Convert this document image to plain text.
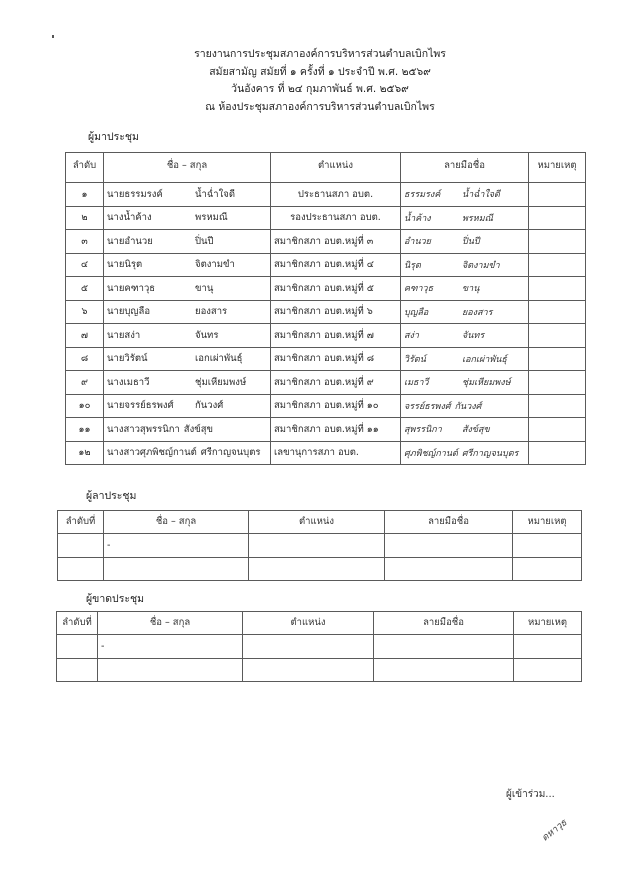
รายงานการประชุมสภาองค์การบริหารส่วนตำบลเบิกไพร
สมัยสามัญ สมัยที่ ๑ ครั้งที่ ๑ ประจำปี พ.ศ. ๒๕๖๙
วันอังคาร ที่ ๒๔ กุมภาพันธ์ พ.ศ. ๒๕๖๙
ณ ห้องประชุมสภาองค์การบริหารส่วนตำบลเบิกไพร
ผู้มาประชุม
ลำดับ	ชื่อ – สกุล	ตำแหน่ง	ลายมือชื่อ	หมายเหตุ
๑	นายธรรมรงค์ น้ำฉ่ำใจดี	ประธานสภา อบต.	ธรรมรงค์ น้ำฉ่ำใจดี	
๒	นางน้ำค้าง พรหมณี	รองประธานสภา อบต.	น้ำค้าง พรหมณี	
๓	นายอำนวย ปิ่นปี	สมาชิกสภา อบต.หมู่ที่ ๓	อำนวย ปิ่นปี	
๔	นายนิรุต จิตงามขำ	สมาชิกสภา อบต.หมู่ที่ ๔	นิรุต จิตงามขำ	
๕	นายคฑาวุธ ขานุ	สมาชิกสภา อบต.หมู่ที่ ๕	คฑาวุธ ขานุ	
๖	นายบุญลือ ยองสาร	สมาชิกสภา อบต.หมู่ที่ ๖	บุญลือ ยองสาร	
๗	นายสง่า จันทร	สมาชิกสภา อบต.หมู่ที่ ๗	สง่า จันทร	
๘	นายวิรัตน์ เอกเผ่าพันธุ์	สมาชิกสภา อบต.หมู่ที่ ๘	วิรัตน์ เอกเผ่าพันธุ์	
๙	นางเมธาวี ชุ่มเหียมพงษ์	สมาชิกสภา อบต.หมู่ที่ ๙	เมธาวี ชุ่มเหียมพงษ์	
๑๐	นายจรรย์ธรพงศ์ กันวงศ์	สมาชิกสภา อบต.หมู่ที่ ๑๐	จรรย์ธรพงศ์ กันวงศ์	
๑๑	นางสาวสุพรรนิกา สังข์สุข	สมาชิกสภา อบต.หมู่ที่ ๑๑	สุพรรนิกา สังข์สุข	
๑๒	นางสาวศุภพิชญ์กานต์ ศรีกาญจนบุตร	เลขานุการสภา อบต.	ศุภพิชญ์กานต์ ศรีกาญจนบุตร	
ผู้ลาประชุม
ลำดับที่	ชื่อ – สกุล	ตำแหน่ง	ลายมือชื่อ	หมายเหตุ
	-			

ผู้ขาดประชุม
ลำดับที่	ชื่อ – สกุล	ตำแหน่ง	ลายมือชื่อ	หมายเหตุ
	-			

ผู้เข้าร่วม...
ดหาวุธ
